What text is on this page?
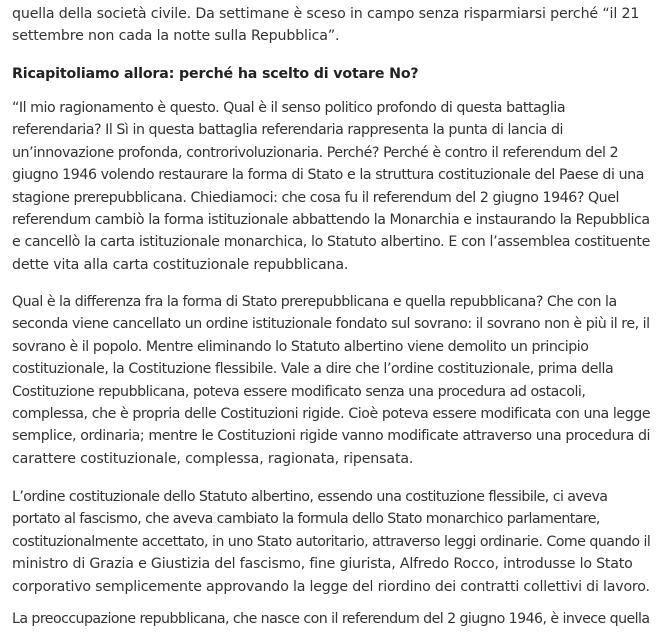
quella della società civile. Da settimane è sceso in campo senza risparmiarsi perché “il 21
settembre non cada la notte sulla Repubblica”.
Ricapitoliamo allora: perché ha scelto di votare No?
“Il mio ragionamento è questo. Qual è il senso politico profondo di questa battaglia
referendaria? Il Sì in questa battaglia referendaria rappresenta la punta di lancia di
un’innovazione profonda, controrivoluzionaria. Perché? Perché è contro il referendum del 2
giugno 1946 volendo restaurare la forma di Stato e la struttura costituzionale del Paese di una
stagione prerepubblicana. Chiediamoci: che cosa fu il referendum del 2 giugno 1946? Quel
referendum cambiò la forma istituzionale abbattendo la Monarchia e instaurando la Repubblica
e cancellò la carta istituzionale monarchica, lo Statuto albertino. E con l’assemblea costituente
dette vita alla carta costituzionale repubblicana.
Qual è la differenza fra la forma di Stato prerepubblicana e quella repubblicana? Che con la
seconda viene cancellato un ordine istituzionale fondato sul sovrano: il sovrano non è più il re, il
sovrano è il popolo. Mentre eliminando lo Statuto albertino viene demolito un principio
costituzionale, la Costituzione flessibile. Vale a dire che l’ordine costituzionale, prima della
Costituzione repubblicana, poteva essere modificato senza una procedura ad ostacoli,
complessa, che è propria delle Costituzioni rigide. Cioè poteva essere modificata con una legge
semplice, ordinaria; mentre le Costituzioni rigide vanno modificate attraverso una procedura di
carattere costituzionale, complessa, ragionata, ripensata.
L’ordine costituzionale dello Statuto albertino, essendo una costituzione flessibile, ci aveva
portato al fascismo, che aveva cambiato la formula dello Stato monarchico parlamentare,
costituzionalmente accettato, in uno Stato autoritario, attraverso leggi ordinarie. Come quando il
ministro di Grazia e Giustizia del fascismo, fine giurista, Alfredo Rocco, introdusse lo Stato
corporativo semplicemente approvando la legge del riordino dei contratti collettivi di lavoro.
La preoccupazione repubblicana, che nasce con il referendum del 2 giugno 1946, è invece quella
